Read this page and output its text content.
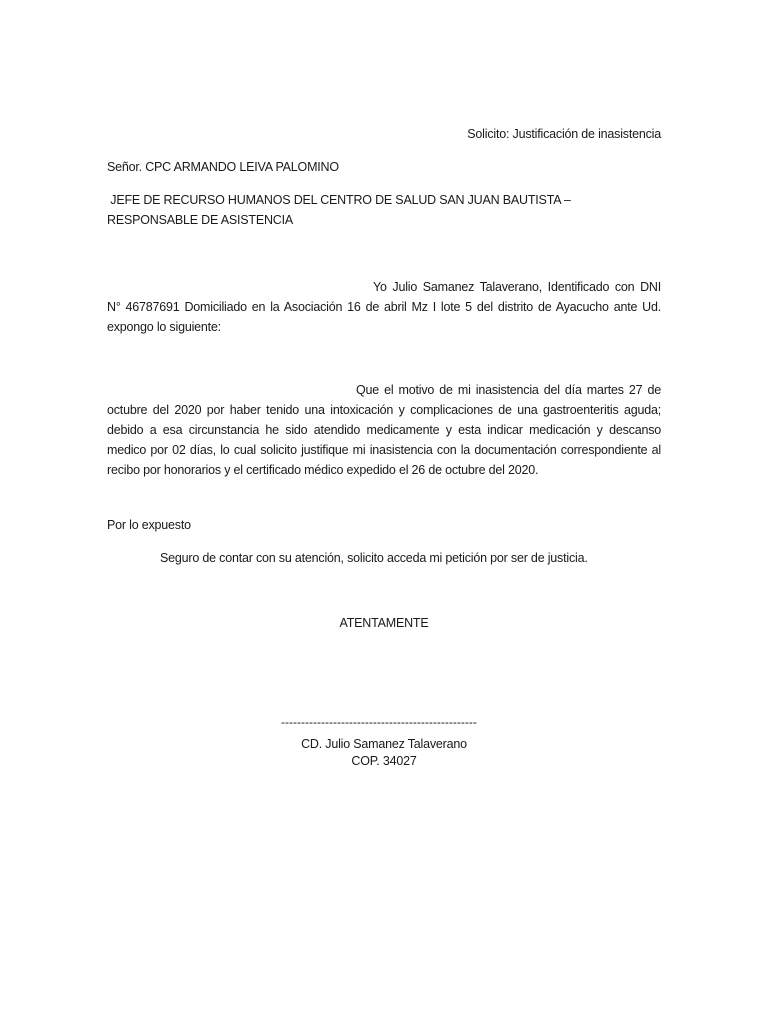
Solicito: Justificación de inasistencia
Señor. CPC ARMANDO LEIVA PALOMINO
JEFE DE RECURSO HUMANOS DEL CENTRO DE SALUD SAN JUAN BAUTISTA – RESPONSABLE DE ASISTENCIA
Yo Julio Samanez Talaverano, Identificado con DNI N° 46787691 Domiciliado en la Asociación 16 de abril Mz I lote 5 del distrito de Ayacucho ante Ud. expongo lo siguiente:
Que el motivo de mi inasistencia del día martes 27 de octubre del 2020 por haber tenido una intoxicación y complicaciones de una gastroenteritis aguda; debido a esa circunstancia he sido atendido medicamente y esta indicar medicación y descanso medico por 02 días, lo cual solicito justifique mi inasistencia con la documentación correspondiente al recibo por honorarios y el certificado médico expedido el 26 de octubre del 2020.
Por lo expuesto
Seguro de contar con su atención, solicito acceda mi petición por ser de justicia.
ATENTAMENTE
-------------------------------------------------
CD. Julio Samanez Talaverano
COP. 34027
